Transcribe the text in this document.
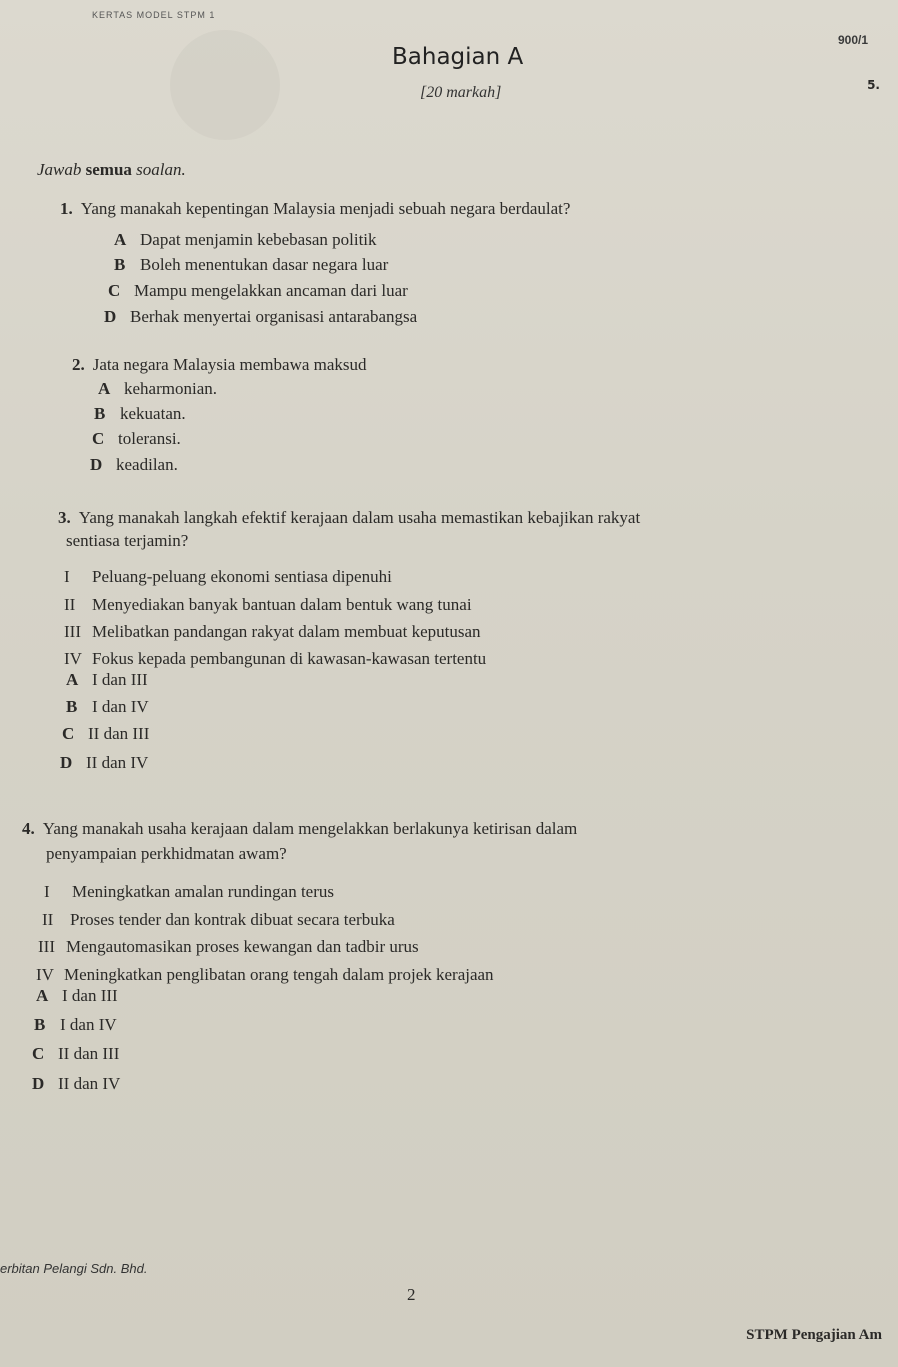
KERTAS MODEL STPM 1
900/1
Bahagian A
[20 markah]	5.
Jawab semua soalan.
1. Yang manakah kepentingan Malaysia menjadi sebuah negara berdaulat?
A Dapat menjamin kebebasan politik
B Boleh menentukan dasar negara luar
C Mampu mengelakkan ancaman dari luar
D Berhak menyertai organisasi antarabangsa
2. Jata negara Malaysia membawa maksud
A keharmonian.
B kekuatan.
C toleransi.
D keadilan.
3. Yang manakah langkah efektif kerajaan dalam usaha memastikan kebajikan rakyat
sentiasa terjamin?
I Peluang-peluang ekonomi sentiasa dipenuhi
II Menyediakan banyak bantuan dalam bentuk wang tunai
III Melibatkan pandangan rakyat dalam membuat keputusan
IV Fokus kepada pembangunan di kawasan-kawasan tertentu
A I dan III
B I dan IV
C II dan III
D II dan IV
4. Yang manakah usaha kerajaan dalam mengelakkan berlakunya ketirisan dalam
penyampaian perkhidmatan awam?
I Meningkatkan amalan rundingan terus
II Proses tender dan kontrak dibuat secara terbuka
III Mengautomasikan proses kewangan dan tadbir urus
IV Meningkatkan penglibatan orang tengah dalam projek kerajaan
A I dan III
B I dan IV
C II dan III
D II dan IV
erbitan Pelangi Sdn. Bhd.
2
STPM Pengajian Am
